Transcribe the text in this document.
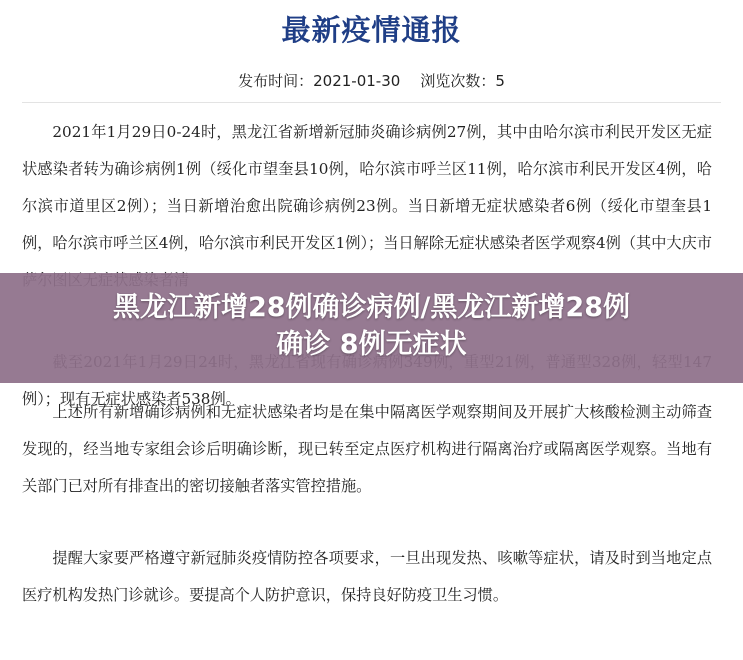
最新疫情通报
发布时间：2021-01-30 浏览次数：5

2021年1月29日0-24时，黑龙江省新增新冠肺炎确诊病例27例，其中由哈尔滨市利民开发区无症状感染者转为确诊病例1例（绥化市望奎县10例，哈尔滨市呼兰区11例，哈尔滨市利民开发区4例，哈尔滨市道里区2例）；当日新增治愈出院确诊病例23例。当日新增无症状感染者6例（绥化市望奎县1例，哈尔滨市呼兰区4例，哈尔滨市利民开发区1例）；当日解除无症状感染者医学观察4例（其中大庆市

例）；现有无症状感染者538例。

上述所有新增确诊病例和无症状感染者均是在集中隔离医学观察期间及开展扩大核酸检测主动筛查发现的，经当地专家组会诊后明确诊断，现已转至定点医疗机构进行隔离治疗或隔离医学观察。当地有关部门已对所有排查出的密切接触者落实管控措施。

提醒大家要严格遵守新冠肺炎疫情防控各项要求，一旦出现发热、咳嗽等症状，请及时到当地定点医疗机构发热门诊就诊。要提高个人防护意识，保持良好防疫卫生习惯。

黑龙江新增28例确诊病例/黑龙江新增28例
确诊 8例无症状
